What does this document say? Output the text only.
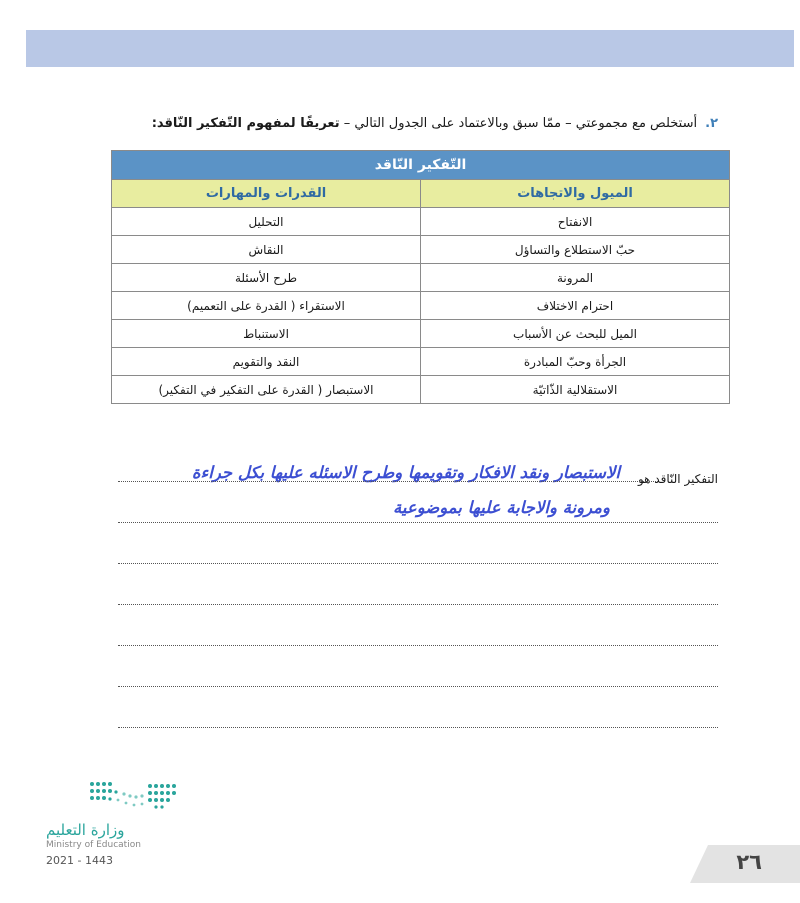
٢.أستخلص مع مجموعتي – ممّا سبق وبالاعتماد على الجدول التالي – تعريفًا لمفهوم التّفكير النّاقد:
التّفكير النّاقد	
الميول والاتجاهات	القدرات والمهارات
الانفتاح	التحليل
حبّ الاستطلاع والتساؤل	النقاش
المرونة	طرح الأسئلة
احترام الاختلاف	الاستقراء ( القدرة على التعميم)
الميل للبحث عن الأسباب	الاستنباط
الجرأة وحبّ المبادرة	النقد والتقويم
الاستقلالية الذّاتيّة	الاستبصار ( القدرة على التفكير في التفكير)
التفكير النّاقد هو
الاستبصار ونقد الافكار وتقويمها وطرح الاسئله عليها بكل جراءة
ومرونة والاجابة عليها بموضوعية
وزارة التعليم
Ministry of Education
2021 - 1443	٢٦
